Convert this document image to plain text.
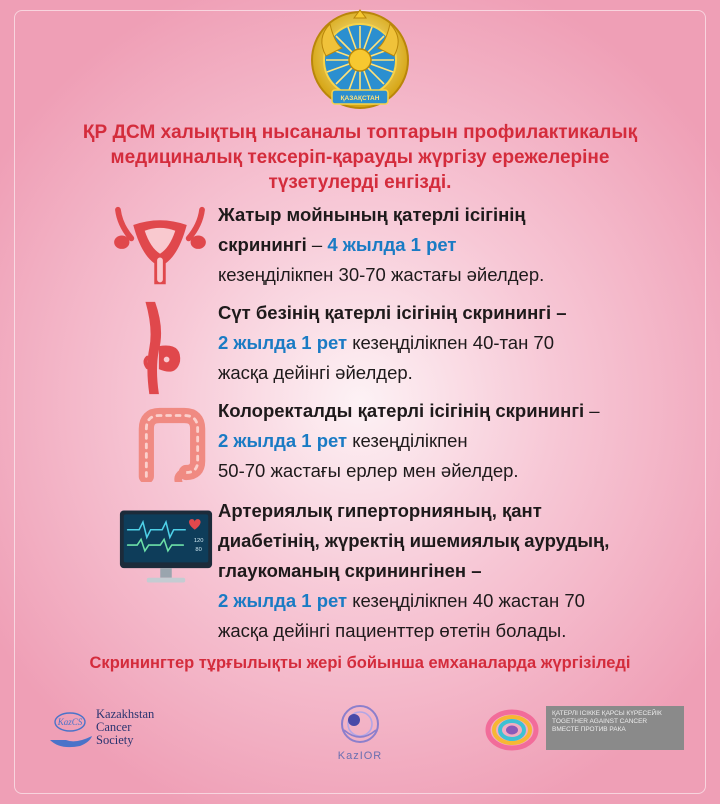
ҚАЗАҚСТАН

ҚР ДСМ халықтың нысаналы топтарын профилактикалық
медициналық тексеріп-қарауды жүргізу ережелеріне
түзетулерді енгізді.

Жатыр мойнының қатерлі ісігінің
скринингі – 4 жылда 1 рет
кезеңділікпен 30-70 жастағы әйелдер.
Сүт безінің қатерлі ісігінің скринингі –
2 жылда 1 рет кезеңділікпен 40-тан 70
жасқа дейінгі әйелдер.
Колоректалды қатерлі ісігінің скринингі –
2 жылда 1 рет кезеңділікпен
50-70 жастағы ерлер мен әйелдер.
120
80
Артериялық гиперторнияның, қант
диабетінің, жүректің ишемиялық аурудың,
глаукоманың скринингінен –
2 жылда 1 рет кезеңділікпен 40 жастан 70
жасқа дейінгі пациенттер өтетін болады.

Скринингтер тұрғылықты жері бойынша емханаларда жүргізіледі

KazCS
Kazakhstan
Cancer
Society
KazIOR
ҚАТЕРЛІ ІСІККЕ ҚАРСЫ КҮРЕСЕЙІК
TOGETHER AGAINST CANCER
ВМЕСТЕ ПРОТИВ РАКА
